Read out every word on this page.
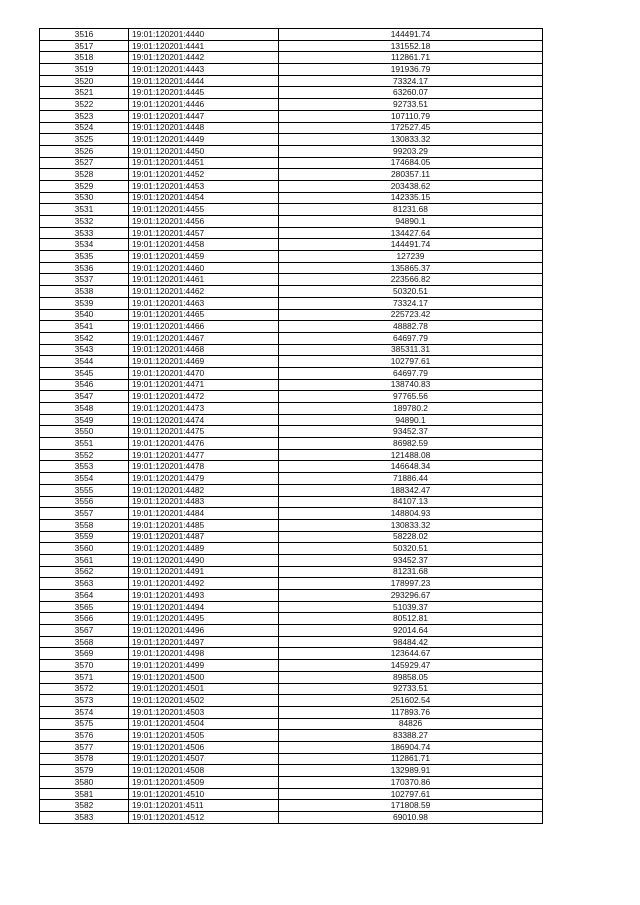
3516	19:01:120201:4440	144491.74
3517	19:01:120201:4441	131552.18
3518	19:01:120201:4442	112861.71
3519	19:01:120201:4443	191936.79
3520	19:01:120201:4444	73324.17
3521	19:01:120201:4445	63260.07
3522	19:01:120201:4446	92733.51
3523	19:01:120201:4447	107110.79
3524	19:01:120201:4448	172527.45
3525	19:01:120201:4449	130833.32
3526	19:01:120201:4450	99203.29
3527	19:01:120201:4451	174684.05
3528	19:01:120201:4452	280357.11
3529	19:01:120201:4453	203438.62
3530	19:01:120201:4454	142335.15
3531	19:01:120201:4455	81231.68
3532	19:01:120201:4456	94890.1
3533	19:01:120201:4457	134427.64
3534	19:01:120201:4458	144491.74
3535	19:01:120201:4459	127239
3536	19:01:120201:4460	135865.37
3537	19:01:120201:4461	223566.82
3538	19:01:120201:4462	50320.51
3539	19:01:120201:4463	73324.17
3540	19:01:120201:4465	225723.42
3541	19:01:120201:4466	48882.78
3542	19:01:120201:4467	64697.79
3543	19:01:120201:4468	385311.31
3544	19:01:120201:4469	102797.61
3545	19:01:120201:4470	64697.79
3546	19:01:120201:4471	138740.83
3547	19:01:120201:4472	97765.56
3548	19:01:120201:4473	189780.2
3549	19:01:120201:4474	94890.1
3550	19:01:120201:4475	93452.37
3551	19:01:120201:4476	86982.59
3552	19:01:120201:4477	121488.08
3553	19:01:120201:4478	146648.34
3554	19:01:120201:4479	71886.44
3555	19:01:120201:4482	188342.47
3556	19:01:120201:4483	84107.13
3557	19:01:120201:4484	148804.93
3558	19:01:120201:4485	130833.32
3559	19:01:120201:4487	58228.02
3560	19:01:120201:4489	50320.51
3561	19:01:120201:4490	93452.37
3562	19:01:120201:4491	81231.68
3563	19:01:120201:4492	178997.23
3564	19:01:120201:4493	293296.67
3565	19:01:120201:4494	51039.37
3566	19:01:120201:4495	80512.81
3567	19:01:120201:4496	92014.64
3568	19:01:120201:4497	98484.42
3569	19:01:120201:4498	123644.67
3570	19:01:120201:4499	145929.47
3571	19:01:120201:4500	89858.05
3572	19:01:120201:4501	92733.51
3573	19:01:120201:4502	251602.54
3574	19:01:120201:4503	117893.76
3575	19:01:120201:4504	84826
3576	19:01:120201:4505	83388.27
3577	19:01:120201:4506	186904.74
3578	19:01:120201:4507	112861.71
3579	19:01:120201:4508	132989.91
3580	19:01:120201:4509	170370.86
3581	19:01:120201:4510	102797.61
3582	19:01:120201:4511	171808.59
3583	19:01:120201:4512	69010.98
